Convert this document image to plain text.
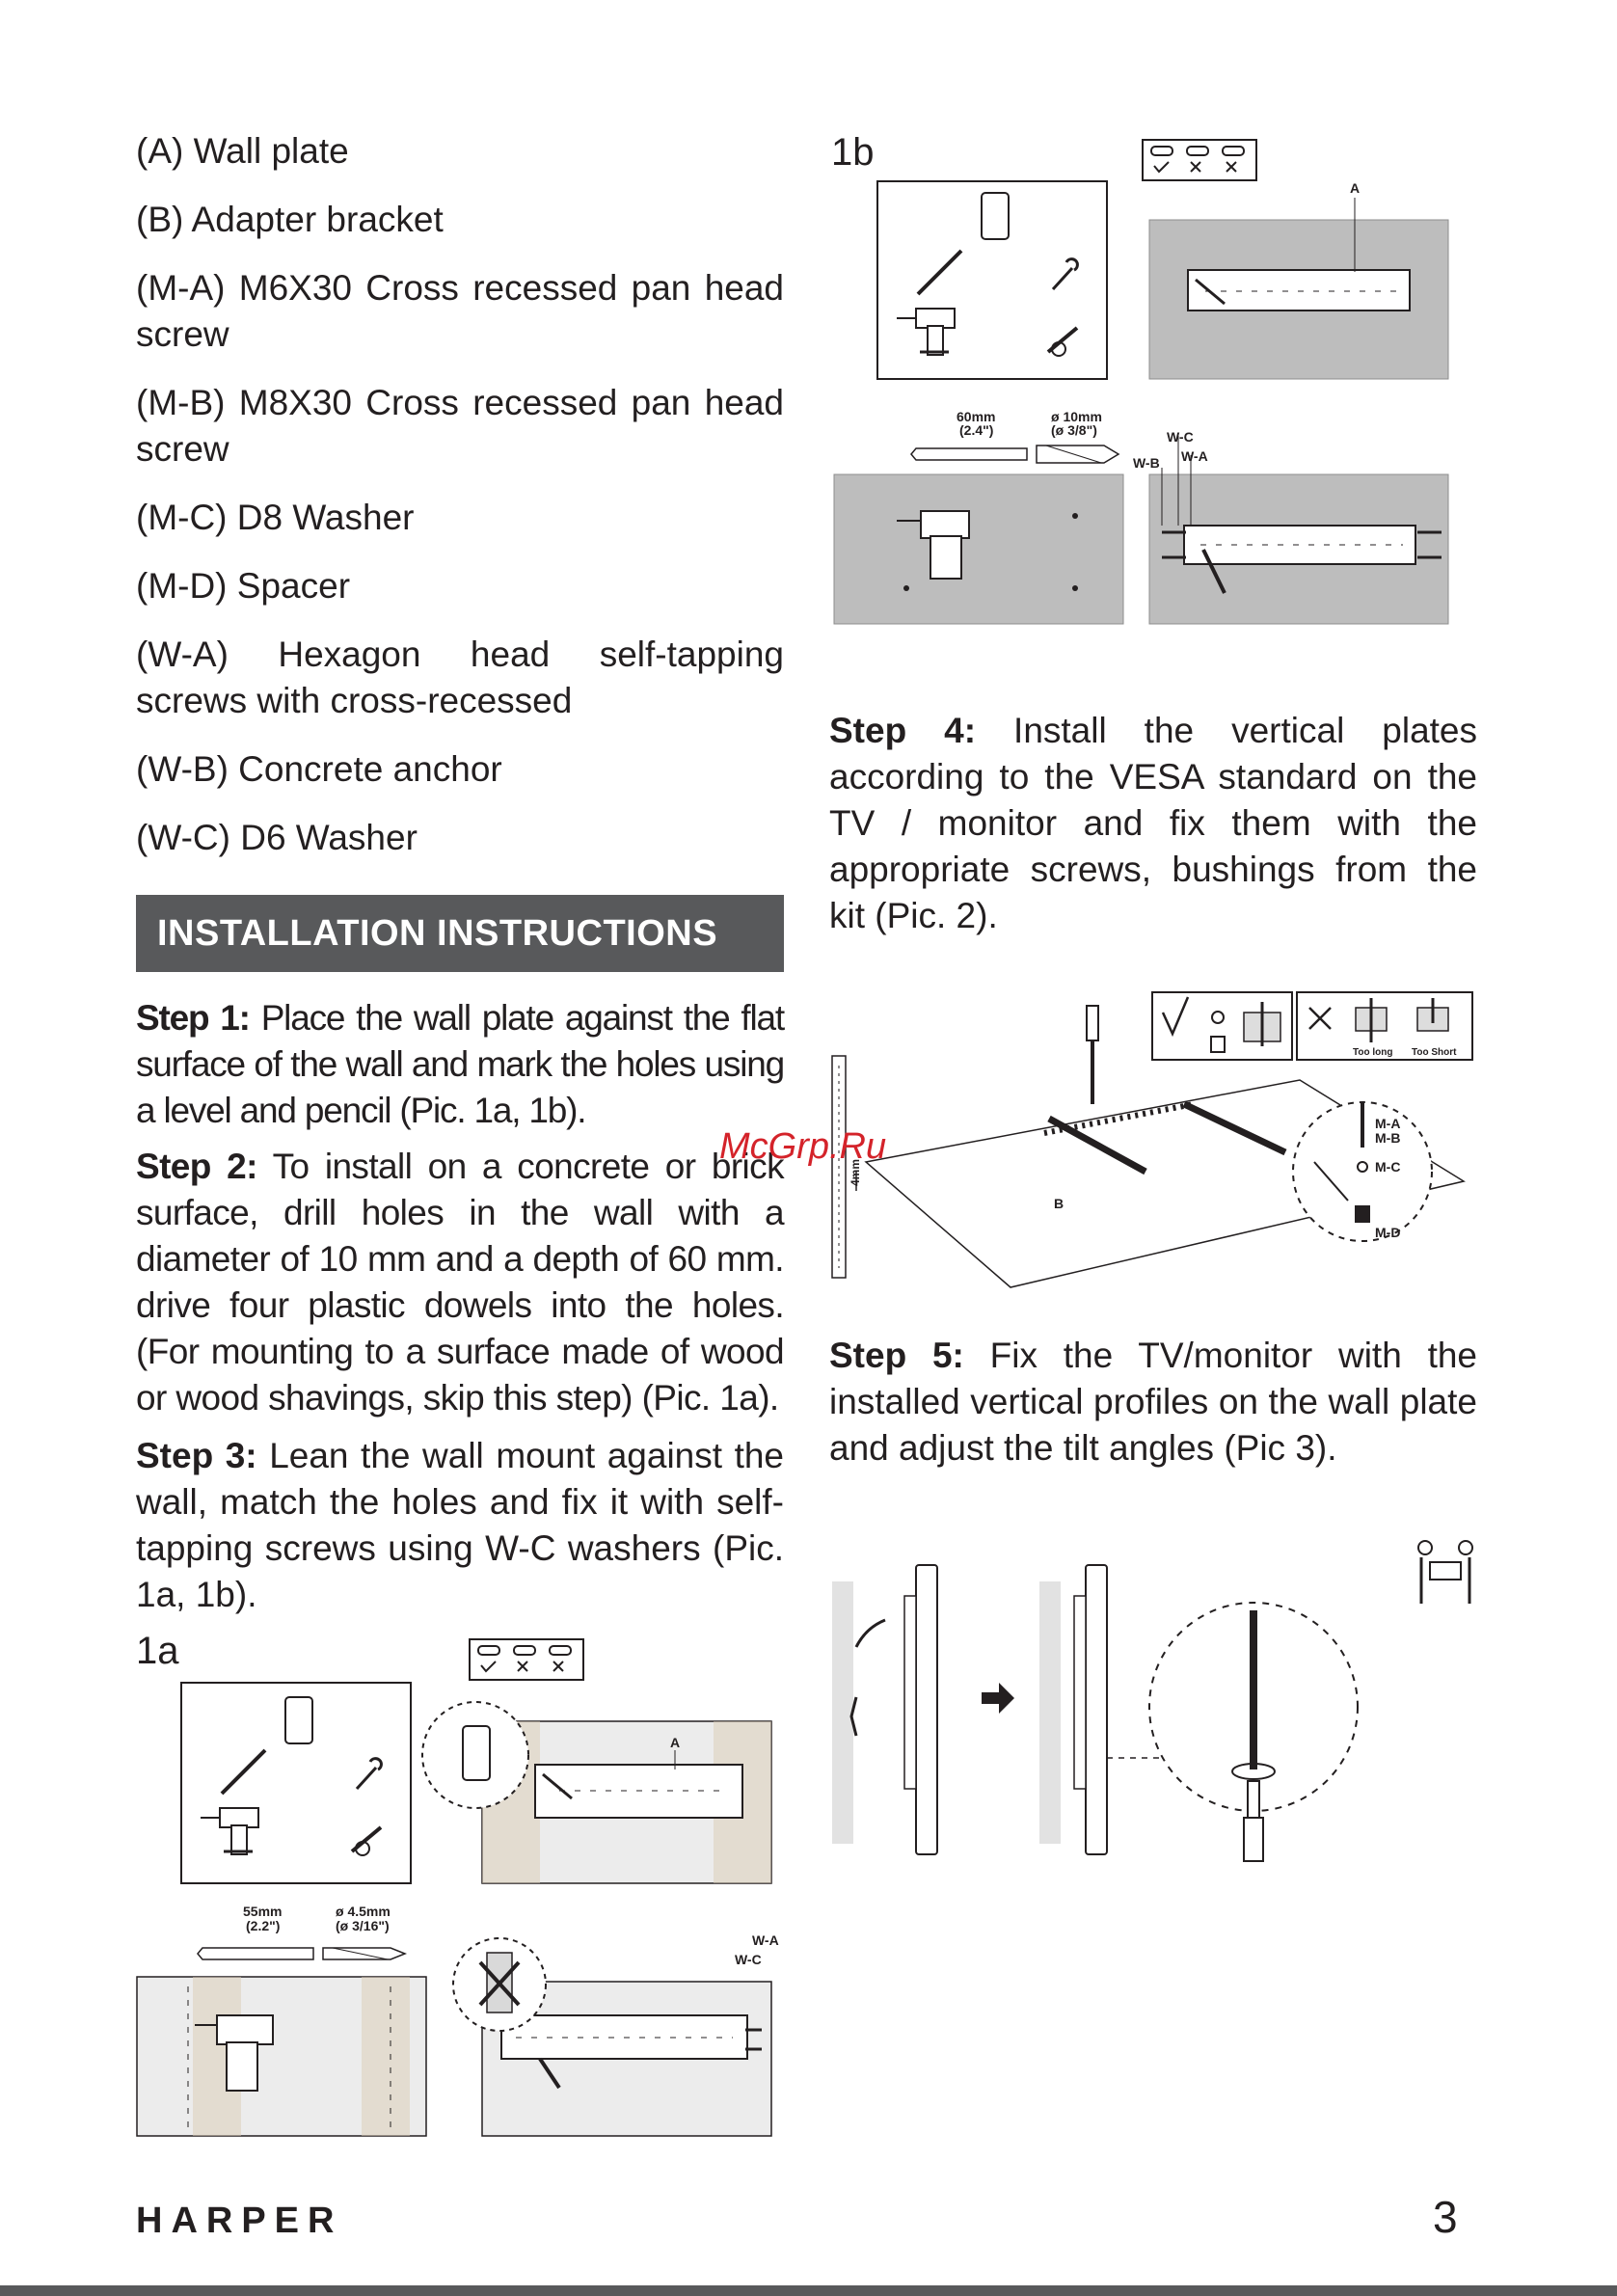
(A) Wall plate

(B) Adapter bracket

(M-A) M6X30 Cross recessed pan head screw

(M-B) M8X30 Cross recessed pan head screw

(M-C) D8 Washer

(M-D) Spacer

(W-A) Hexagon head self-tapping screws with cross-recessed

(W-B) Concrete anchor

(W-C) D6 Washer

INSTALLATION INSTRUCTIONS
Step 1: Place the wall plate against the flat surface of the wall and mark the holes using a level and pencil (Pic. 1a, 1b).
Step 2: To install on a concrete or brick surface, drill holes in the wall with a diameter of 10 mm and a depth of 60 mm. drive four plastic dowels into the holes. (For mounting to a surface made of wood or wood shavings, skip this step) (Pic. 1a).
Step 3: Lean the wall mount against the wall, match the holes and fix it with self-tapping screws using W-C washers (Pic. 1a, 1b).
Step 4: Install the vertical plates according to the VESA standard on the TV / monitor and fix them with the appropriate screws, bushings from the kit (Pic. 2).
Step 5: Fix the TV/monitor with the installed vertical profiles on the wall plate and adjust the tilt angles (Pic 3).
1a
A
55mm
(2.2")
ø 4.5mm
(ø 3/16")
W-A
W-C
1b
A
60mm
(2.4")
ø 10mm
(ø 3/8")	W-C
W-B W-A
Too long Too Short
4mm
B
M-A
M-B
M-C
M-D
McGrp.Ru
HARPER	3
